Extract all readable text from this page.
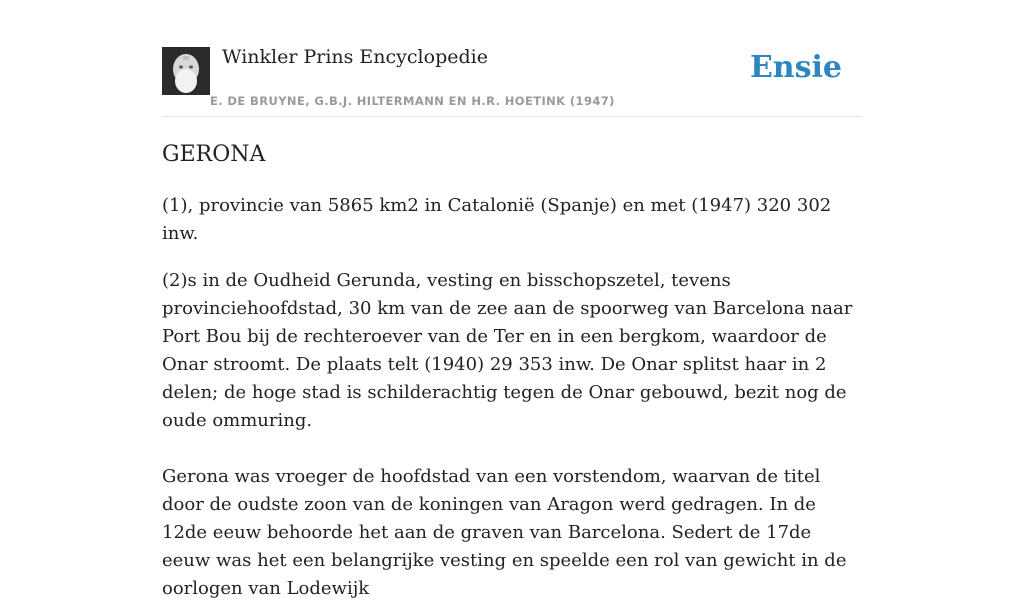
Winkler Prins Encyclopedie
E. DE BRUYNE, G.B.J. HILTERMANN EN H.R. HOETINK (1947)
Ensie
GERONA

(1), provincie van 5865 km2 in Catalonië (Spanje) en met (1947) 320 302 inw.

(2)s in de Oudheid Gerunda, vesting en bisschopszetel, tevens provinciehoofdstad, 30 km van de zee aan de spoorweg van Barcelona naar Port Bou bij de rechteroever van de Ter en in een bergkom, waardoor de Onar stroomt. De plaats telt (1940) 29 353 inw. De Onar splitst haar in 2 delen; de hoge stad is schilderachtig tegen de Onar gebouwd, bezit nog de oude ommuring.

Gerona was vroeger de hoofdstad van een vorstendom, waarvan de titel door de oudste zoon van de koningen van Aragon werd gedragen. In de 12de eeuw behoorde het aan de graven van Barcelona. Sedert de 17de eeuw was het een belangrijke vesting en speelde een rol van gewicht in de oorlogen van Lodewijk
